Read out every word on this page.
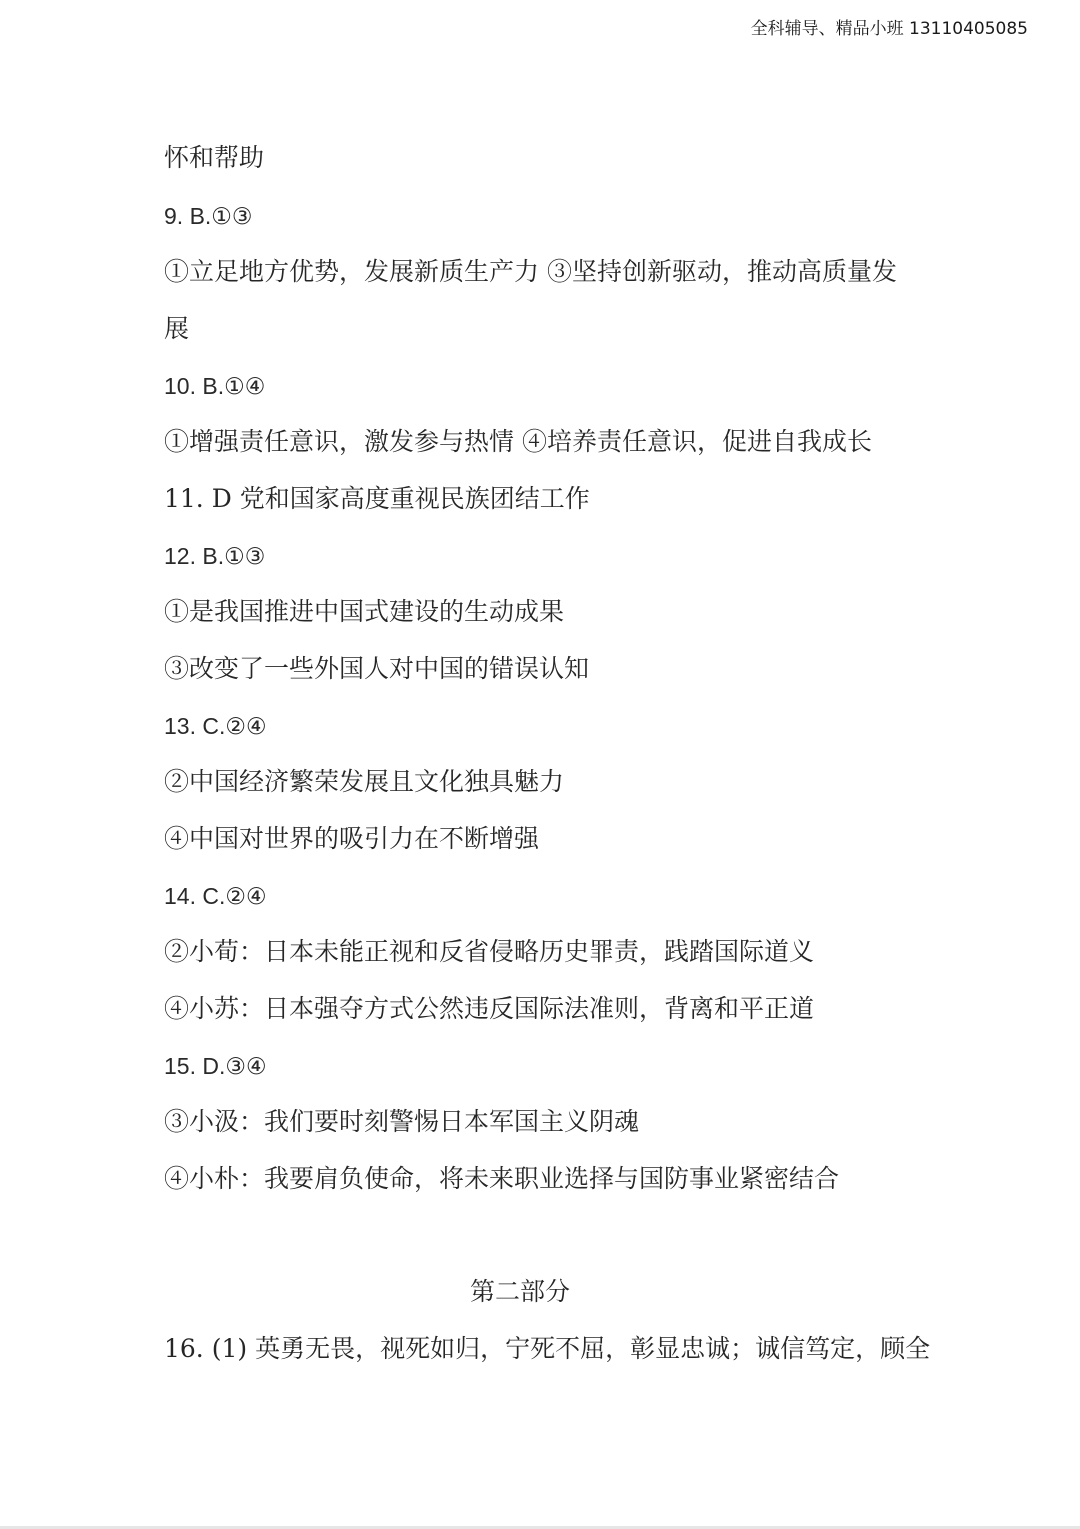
全科辅导、精品小班 13110405085
怀和帮助
9. B.①③
①立足地方优势，发展新质生产力 ③坚持创新驱动，推动高质量发
展
10. B.①④
①增强责任意识，激发参与热情 ④培养责任意识，促进自我成长
11. D 党和国家高度重视民族团结工作
12. B.①③
①是我国推进中国式建设的生动成果
③改变了一些外国人对中国的错误认知
13. C.②④
②中国经济繁荣发展且文化独具魅力
④中国对世界的吸引力在不断增强
14. C.②④
②小荀：日本未能正视和反省侵略历史罪责，践踏国际道义
④小苏：日本强夺方式公然违反国际法准则，背离和平正道
15. D.③④
③小汲：我们要时刻警惕日本军国主义阴魂
④小朴：我要肩负使命，将未来职业选择与国防事业紧密结合
第二部分
16. (1) 英勇无畏，视死如归，宁死不屈，彰显忠诚；诚信笃定，顾全
